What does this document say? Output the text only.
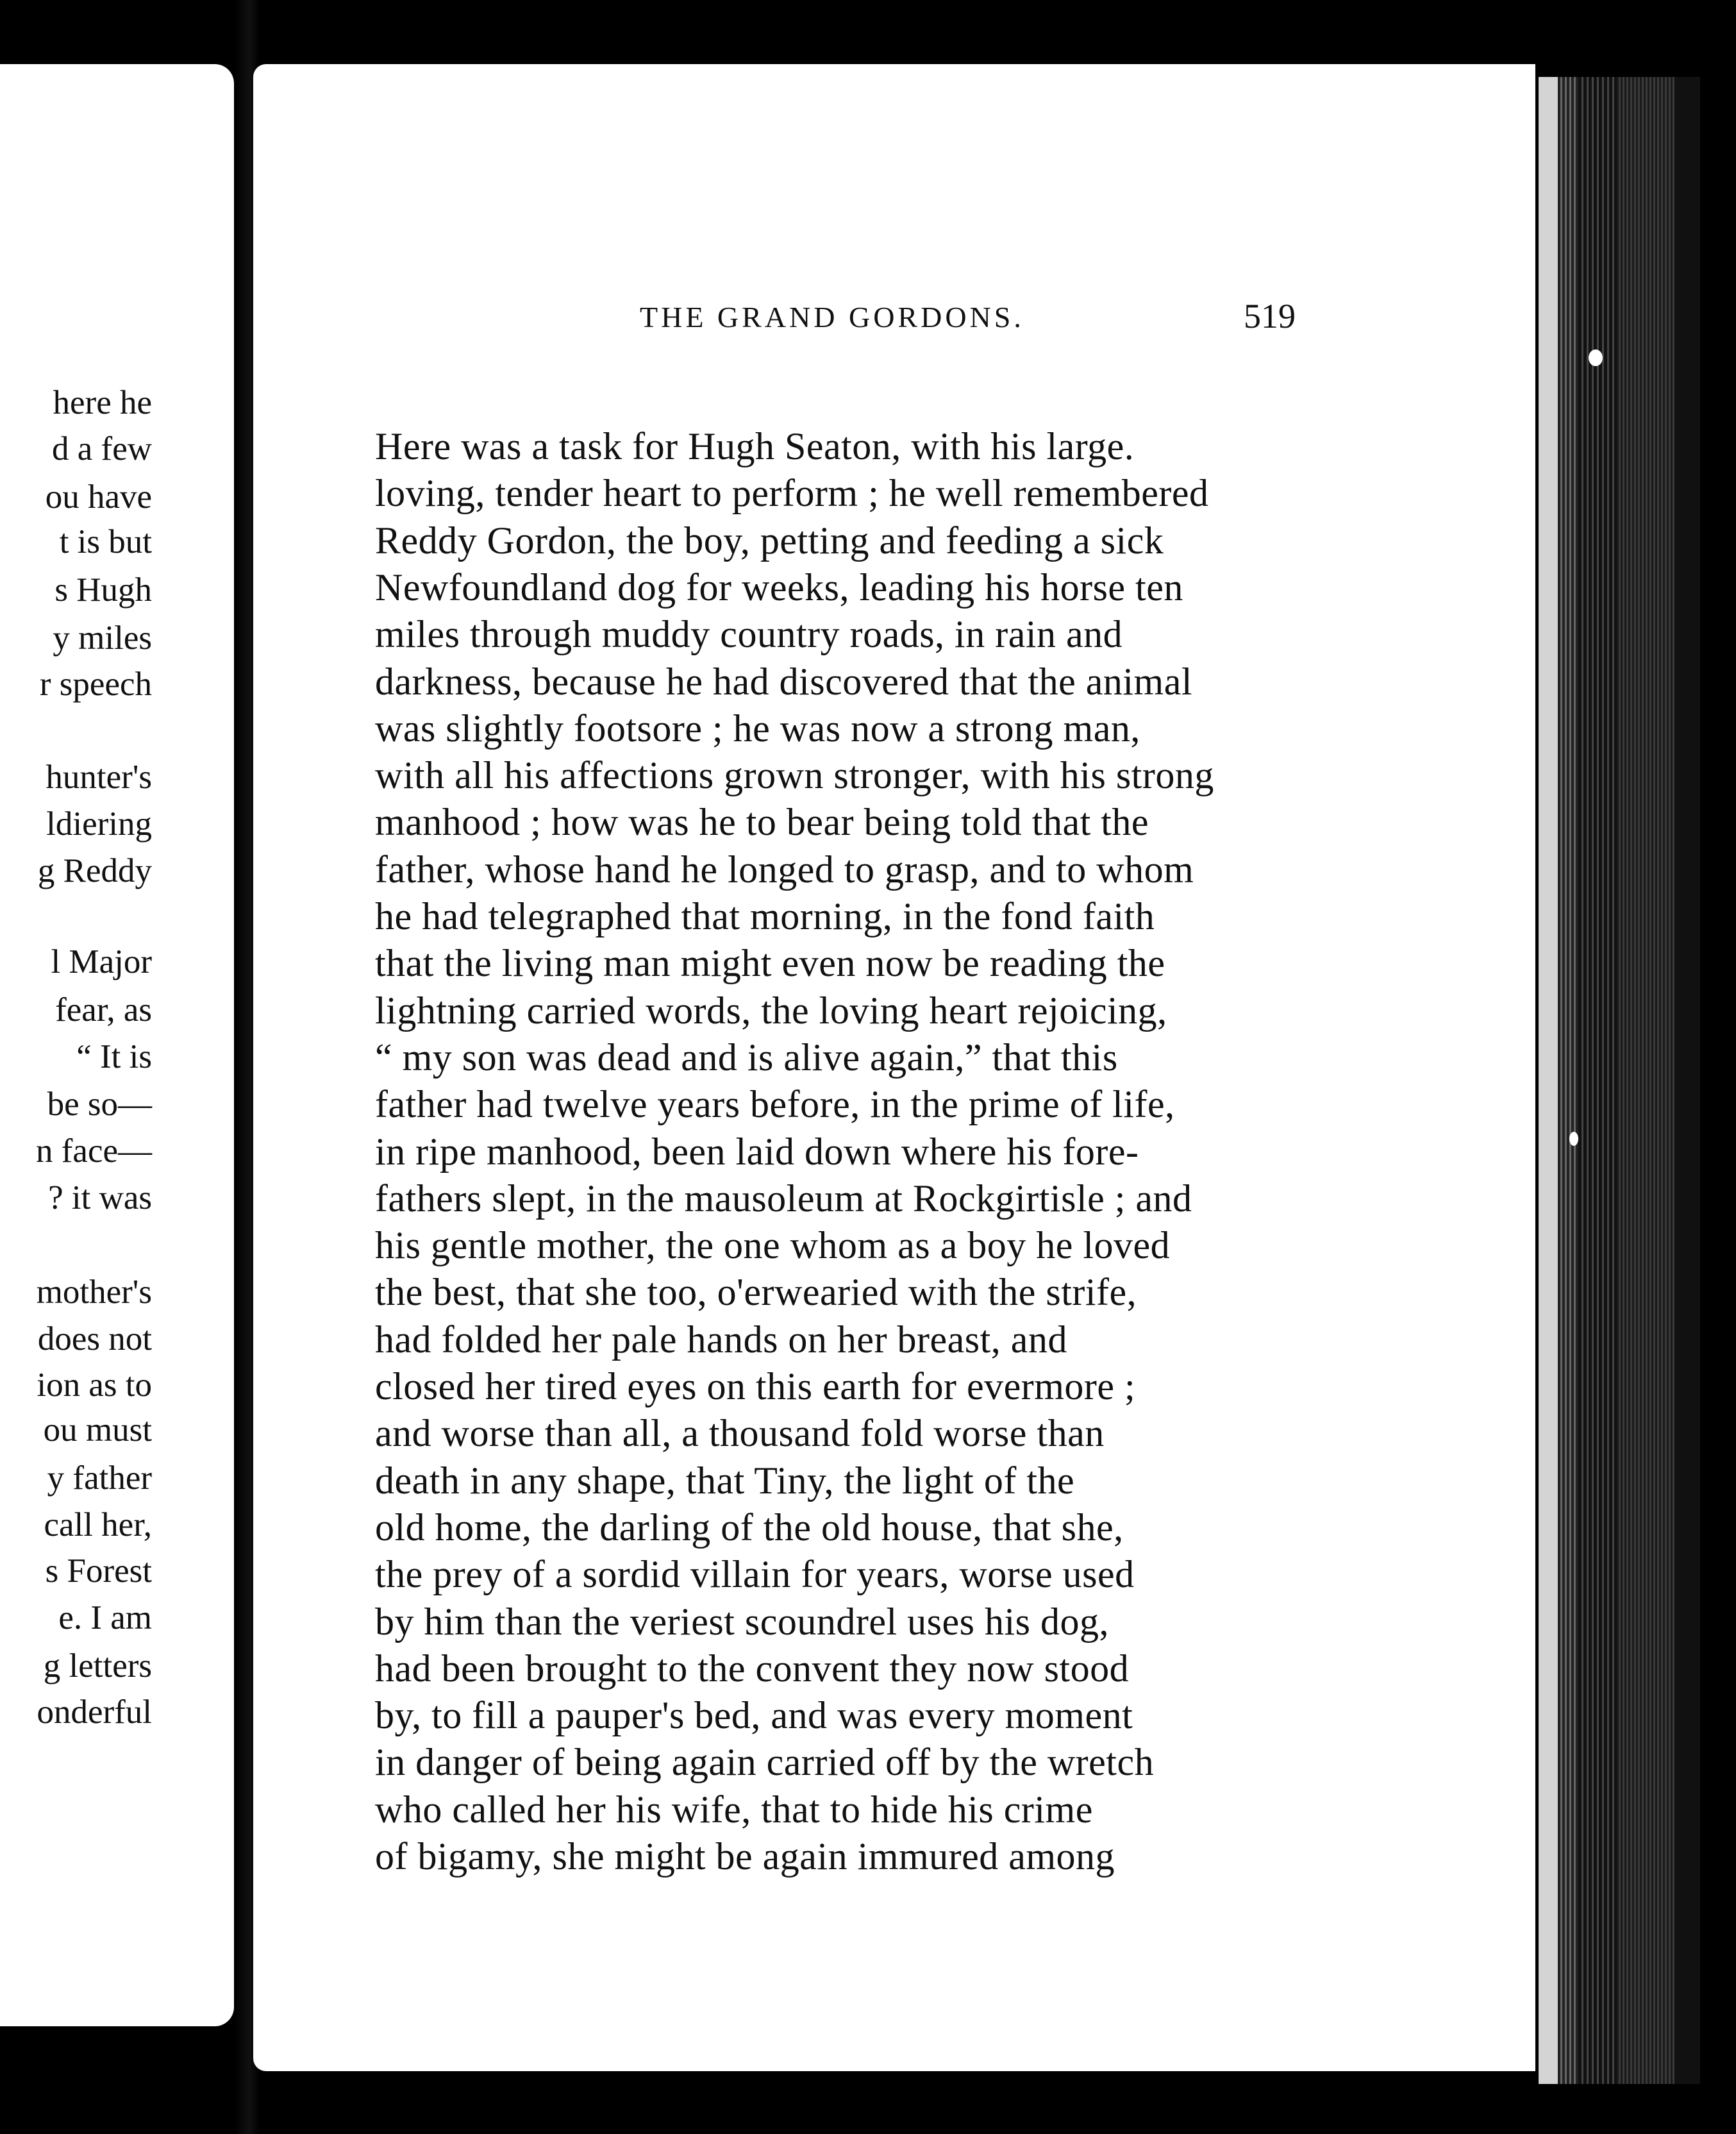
here he
d a few
ou have
t is but
s Hugh
y miles
r speech
hunter's
ldiering
g Reddy
l Major
fear, as
“ It is
be so—
n face—
? it was
mother's
does not
ion as to
ou must
y father
call her,
s Forest
e. I am
g letters
onderful
THE GRAND GORDONS.	519
Here was a task for Hugh Seaton, with his large.
loving, tender heart to perform ; he well remembered
Reddy Gordon, the boy, petting and feeding a sick
Newfoundland dog for weeks, leading his horse ten
miles through muddy country roads, in rain and
darkness, because he had discovered that the animal
was slightly footsore ; he was now a strong man,
with all his affections grown stronger, with his strong
manhood ; how was he to bear being told that the
father, whose hand he longed to grasp, and to whom
he had telegraphed that morning, in the fond faith
that the living man might even now be reading the
lightning carried words, the loving heart rejoicing,
“ my son was dead and is alive again,” that this
father had twelve years before, in the prime of life,
in ripe manhood, been laid down where his fore-
fathers slept, in the mausoleum at Rockgirtisle ; and
his gentle mother, the one whom as a boy he loved
the best, that she too, o'erwearied with the strife,
had folded her pale hands on her breast, and
closed her tired eyes on this earth for evermore ;
and worse than all, a thousand fold worse than
death in any shape, that Tiny, the light of the
old home, the darling of the old house, that she,
the prey of a sordid villain for years, worse used
by him than the veriest scoundrel uses his dog,
had been brought to the convent they now stood
by, to fill a pauper's bed, and was every moment
in danger of being again carried off by the wretch
who called her his wife, that to hide his crime
of bigamy, she might be again immured among
